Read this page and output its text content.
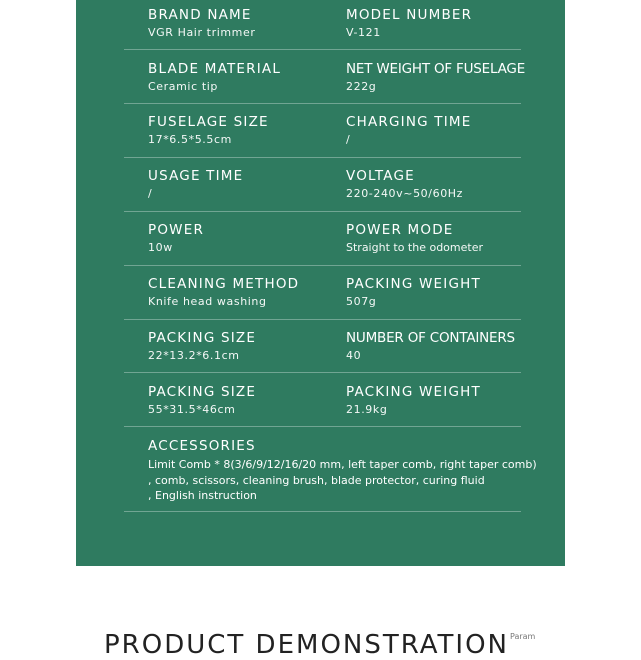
BRAND NAME
VGR Hair trimmer
MODEL NUMBER
V-121
BLADE MATERIAL
Ceramic tip
NET WEIGHT OF FUSELAGE
222g
FUSELAGE SIZE
17*6.5*5.5cm
CHARGING TIME
/
USAGE TIME
/
VOLTAGE
220-240v~50/60Hz
POWER
10w
POWER MODE
Straight to the odometer
CLEANING METHOD
Knife head washing
PACKING WEIGHT
507g
PACKING SIZE
22*13.2*6.1cm
NUMBER OF CONTAINERS
40
PACKING SIZE
55*31.5*46cm
PACKING WEIGHT
21.9kg
ACCESSORIES
Limit Comb * 8(3/6/9/12/16/20 mm, left taper comb, right taper comb)
, comb, scissors, cleaning brush, blade protector, curing fluid
, English instruction
PRODUCT DEMONSTRATION Param
